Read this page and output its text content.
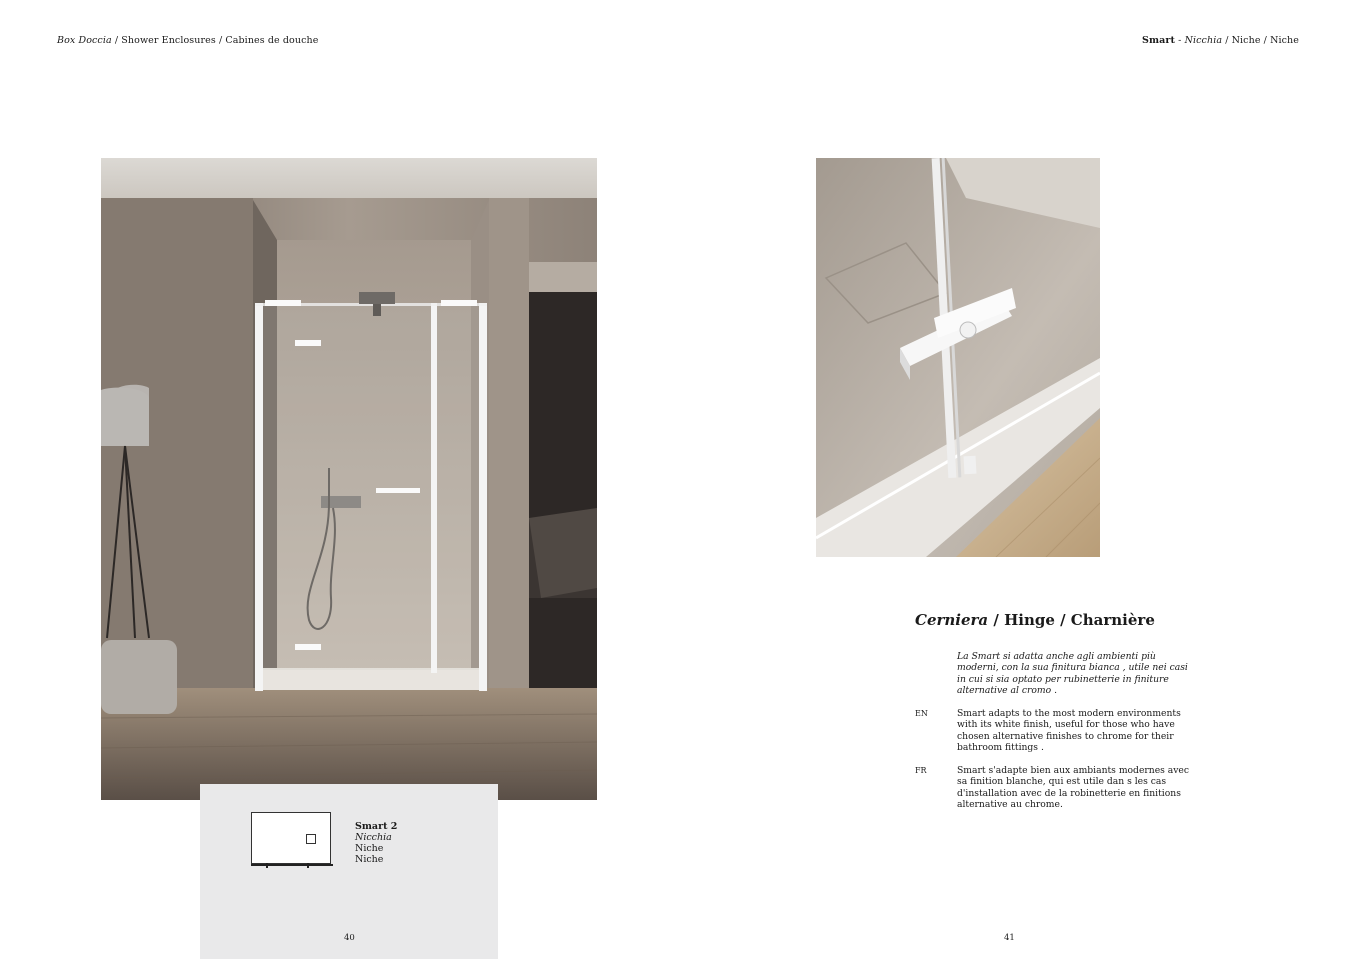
Box Doccia / Shower Enclosures / Cabines de douche	Smart - Nicchia / Niche / Niche
Smart 2
Nicchia
Niche
Niche
40	41
Cerniera / Hinge / Charnière
La Smart si adatta anche agli ambienti più moderni, con la sua finitura bianca , utile nei casi in cui si sia optato per rubinetterie in finiture alternative al cromo .
EN	Smart adapts to the most modern environments with its white finish, useful for those who have chosen alternative finishes to chrome for their bathroom fittings .
FR	Smart s'adapte bien aux ambiants modernes avec sa finition blanche, qui est utile dan s les cas d'installation avec de la robinetterie en finitions alternative au chrome.
